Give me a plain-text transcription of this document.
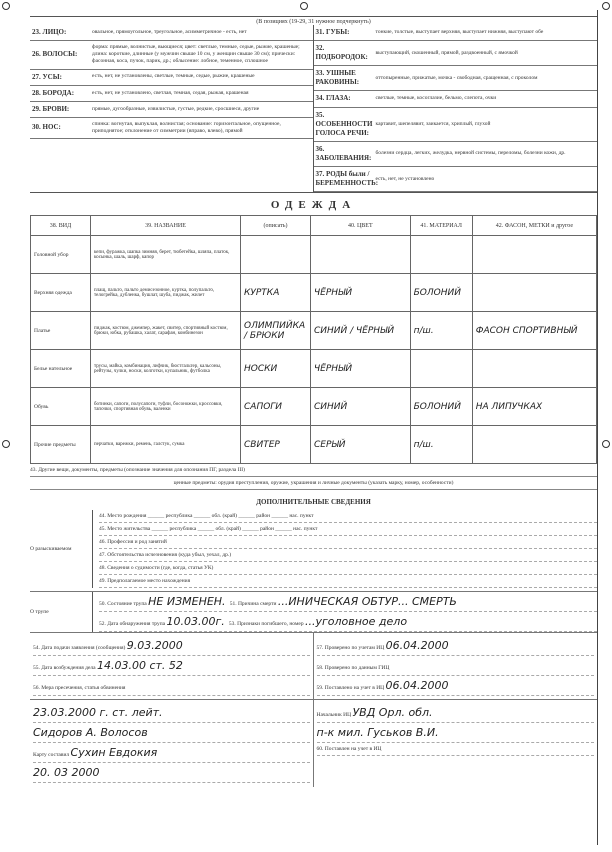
(В позициях (19-29, 31 нужное подчеркнуть)
23. ЛИЦО:	овальное, прямоугольное, треугольное, асимметричное - есть, нет
26. ВОЛОСЫ:
форма: прямые, волнистые, вьющиеся; цвет: светлые, темные, седые, рыжие, крашеные; длина: короткие, длинные (у мужчин свыше 10 см, у женщин свыше 30 см); прически: фасонная, коса, пучок, парик, др.; облысение: лобное, теменное, сплошное
27. УСЫ:	есть, нет, не установлены, светлые, темные, седые, рыжие, крашеные
28. БОРОДА:	есть, нет, не установлено, светлая, темная, седая, рыжая, крашеная
29. БРОВИ:	прямые, дугообразные, извилистые, густые, редкие, сросшиеся, другие
30. НОС:	спинка: вогнутая, выпуклая, волнистая; основание: горизонтальное, опущенное, приподнятое; отклонение от симметрии (вправо, влево), прямой
31. ГУБЫ:	тонкие, толстые, выступает верхняя, выступает нижняя, выступают обе
32. ПОДБОРОДОК:
выступающий, скошенный, прямой, раздвоенный, с ямочкой
33. УШНЫЕ РАКОВИНЫ:
оттопыренные, прижатые, мочка - свободная, сращенная, с проколом
34. ГЛАЗА:	светлые, темные, косоглазие, бельмо, слепота, очки
35. ОСОБЕННОСТИ ГОЛОСА РЕЧИ:
картавит, шепелявит, заикается, хриплый, глухой
36. ЗАБОЛЕВАНИЯ:
болезни сердца, легких, желудка, нервной системы, переломы, болезни кожи, др.
37. РОДЫ были / БЕРЕМЕННОСТЬ:
есть, нет, не установлено
ОДЕЖДА
38. ВИД	39. НАЗВАНИЕ	(описать)	40. ЦВЕТ	41. МАТЕРИАЛ	42. ФАСОН, МЕТКИ и другое
Головной убор	кепи, фуражка, шапка зимняя, берет, тюбетейка, шляпа, платок, косынка, шаль, шарф, капор				
Верхняя одежда	плащ, пальто, пальто демисезонное, куртка, полупальто, телогрейка, дубленка, бушлат, шуба, пиджак, жилет	КУРТКА	ЧЁРНЫЙ	БОЛОНИЙ	
Платье	пиджак, костюм, джемпер, жакет, свитер, спортивный костюм, брюки, юбка, рубашка, халат, сарафан, комбинезон	ОЛИМПИЙКА / БРЮКИ	СИНИЙ / ЧЁРНЫЙ	п/ш.	ФАСОН СПОРТИВНЫЙ
Белье нательное	трусы, майка, комбинация, лифчик, бюстгальтер, кальсоны, рейтузы, чулки, носки, колготки, купальник, футболка	НОСКИ	ЧЁРНЫЙ		
Обувь	ботинки, сапоги, полусапоги, туфли, босоножки, кроссовки, тапочки, спортивная обувь, валенки	САПОГИ	СИНИЙ	БОЛОНИЙ	НА ЛИПУЧКАХ
Прочие предметы	перчатки, варежки, ремень, галстук, сумка	СВИТЕР	СЕРЫЙ	п/ш.	
43. Другие вещи, документы, предметы (опознание значения для опознания ПГ, раздела III)
ценные предметы: орудия преступления, оружие, украшения и личные документы (указать марку, номер, особенности)
ДОПОЛНИТЕЛЬНЫЕ СВЕДЕНИЯ
О разыскиваемом
44. Место рождения ______ республика ______ обл. (край) ______ район ______ нас. пункт
45. Место жительства ______ республика ______ обл. (край) ______ район ______ нас. пункт
46. Профессия и род занятий
47. Обстоятельства исчезновения (куда убыл, уехал, др.)
48. Сведения о судимости (где, когда, статья УК)
49. Предполагаемое место нахождения
О трупе
50. Состояние трупа НЕ ИЗМЕНЕН. 51. Причина смерти ...ИНИЧЕСКАЯ ОБТУР... СМЕРТЬ
52. Дата обнаружения трупа 10.03.00г. 53. Признаки погибшего, номер ...уголовное дело

54. Дата подачи заявления (сообщения) 9.03.2000

55. Дата возбуждения дела 14.03.00 ст. 52

56. Мера пресечения, статья обвинения

57. Проверено по учетам ИЦ 06.04.2000

58. Проверено по данным ГИЦ

59. Поставлено на учет в ИЦ 06.04.2000

23.03.2000 г. ст. лейт.

Сидоров А. Волосов

Карту составил Сухин Евдокия

20. 03 2000

Начальник ИЦ УВД Орл. обл.

п-к мил. Гуськов В.И.

60. Поставлен на учет в ИЦ
